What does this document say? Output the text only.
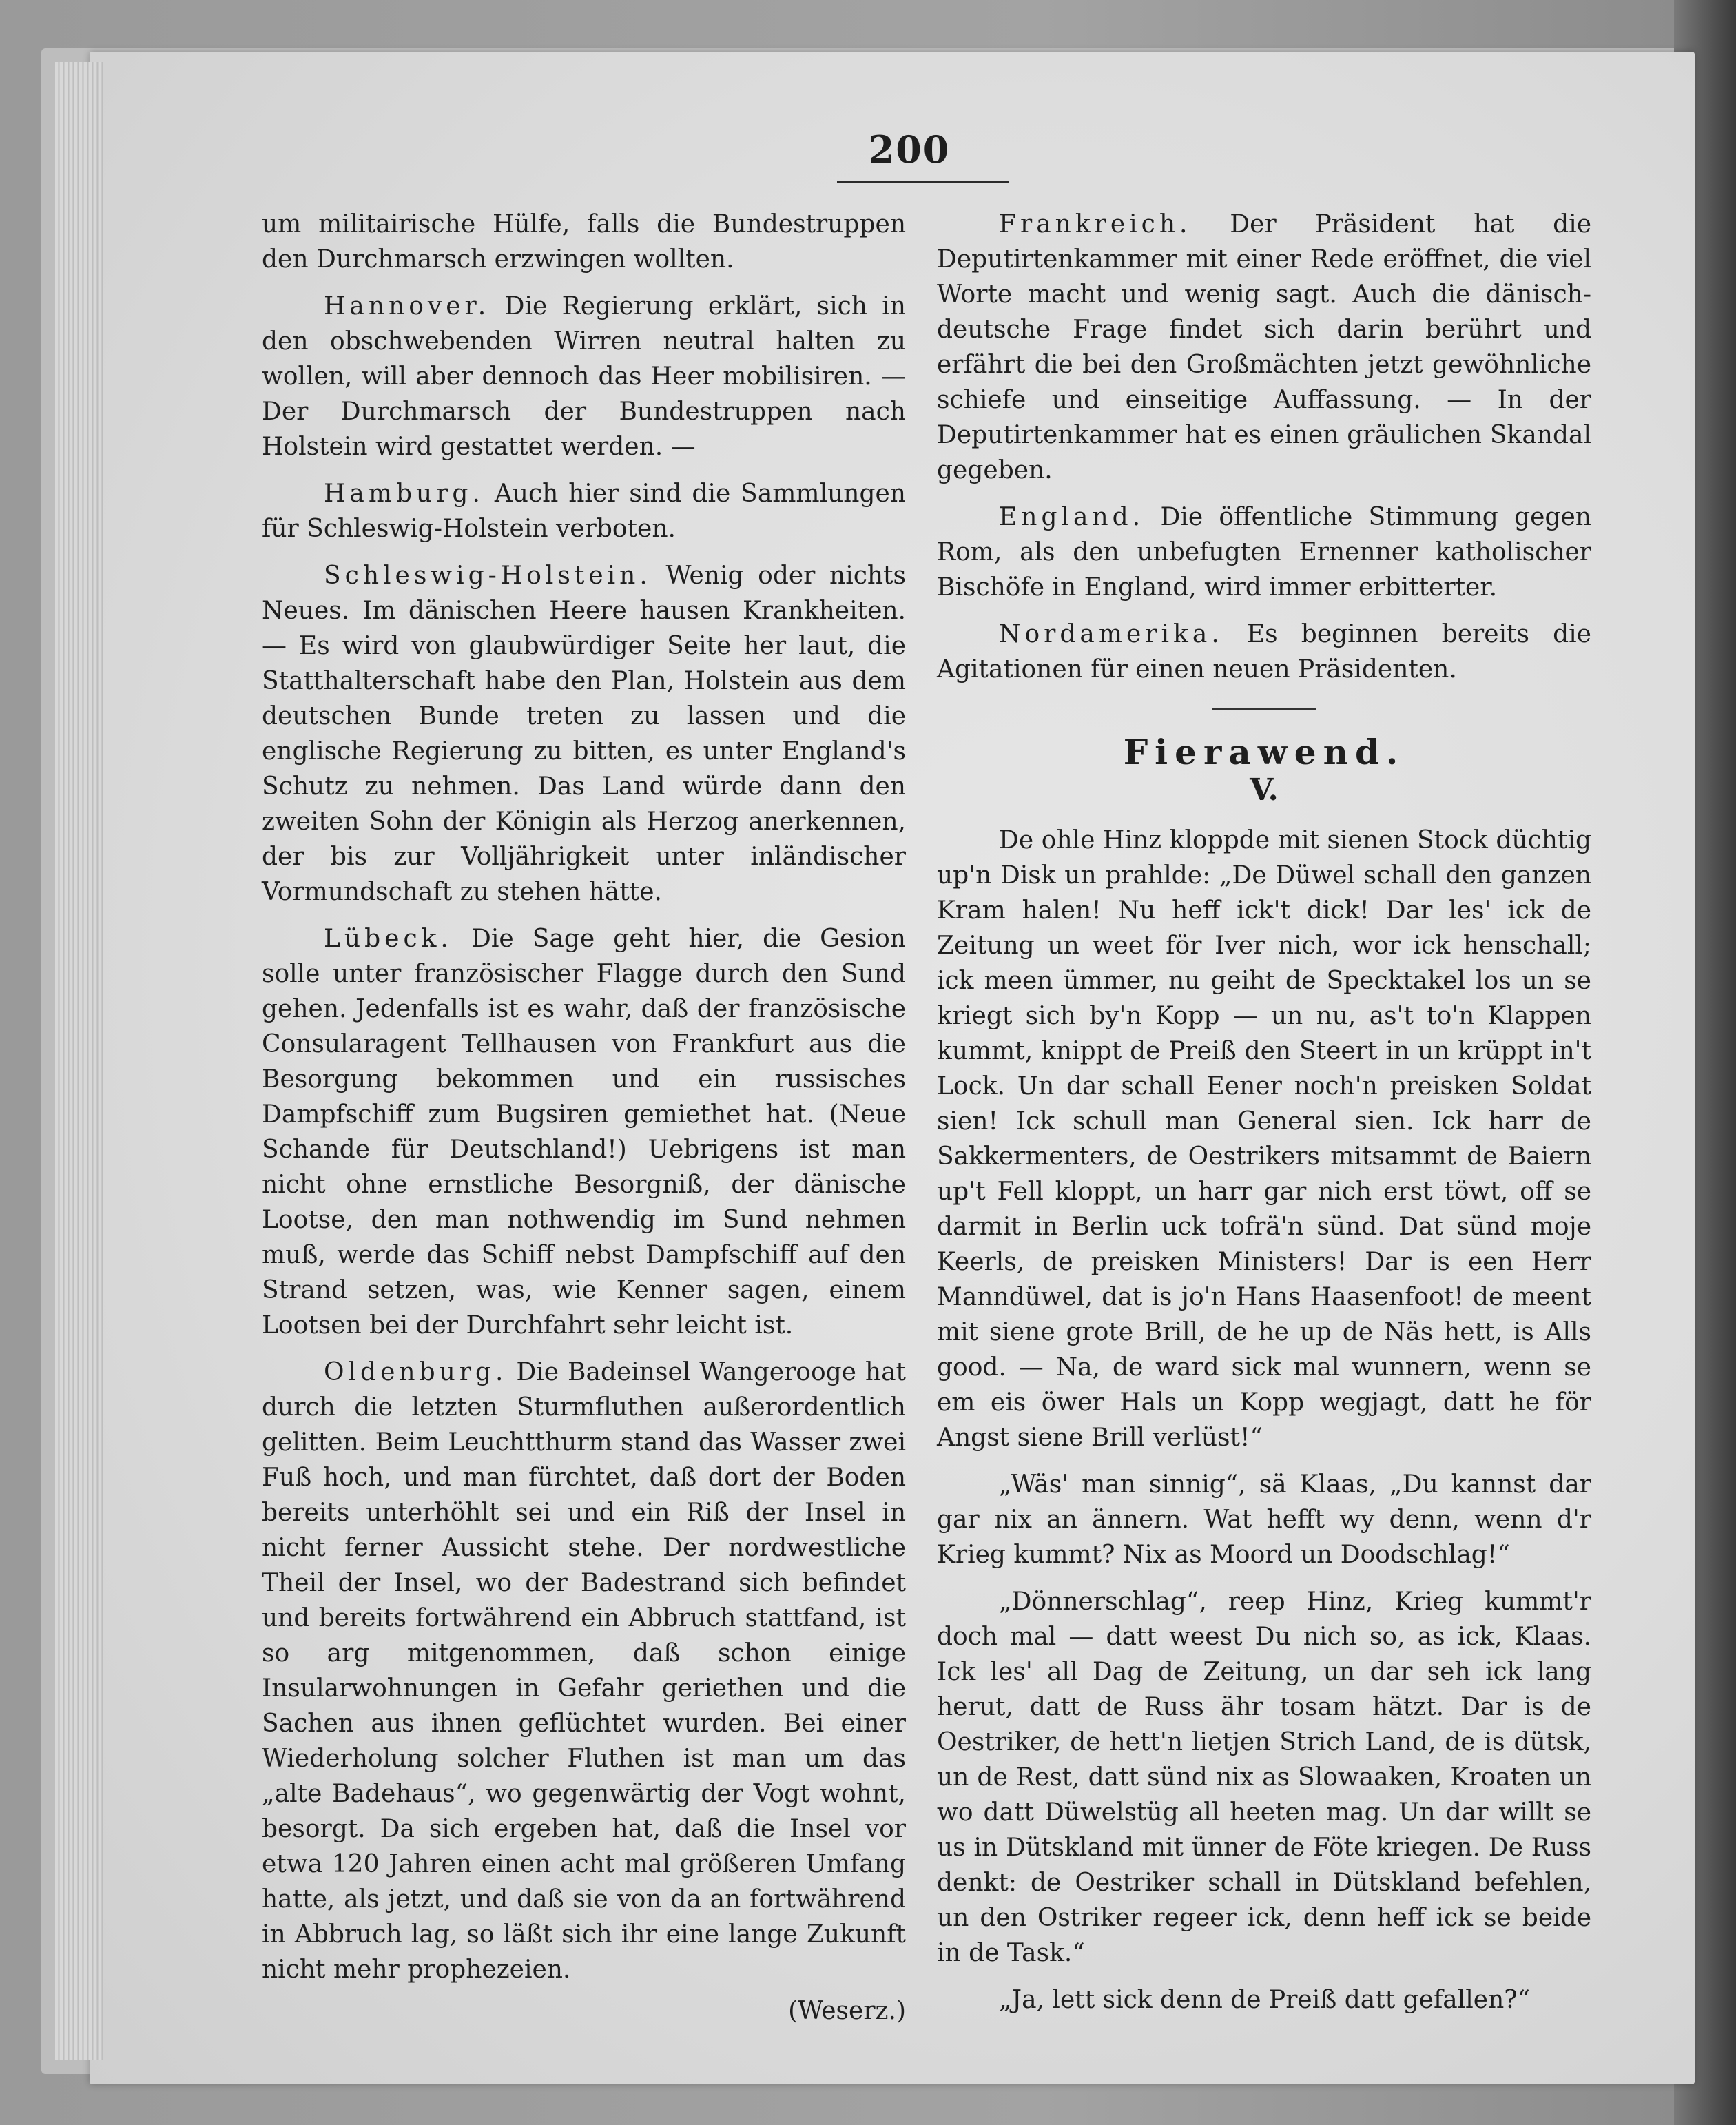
200

um militairische Hülfe, falls die Bundestruppen den Durchmarsch erzwingen wollten.

Hannover. Die Regierung erklärt, sich in den obschwebenden Wirren neutral halten zu wollen, will aber dennoch das Heer mobilisiren. — Der Durchmarsch der Bundestruppen nach Holstein wird gestattet werden. —

Hamburg. Auch hier sind die Sammlungen für Schleswig-Holstein verboten.

Schleswig-Holstein. Wenig oder nichts Neues. Im dänischen Heere hausen Krankheiten. — Es wird von glaubwürdiger Seite her laut, die Statthalterschaft habe den Plan, Holstein aus dem deutschen Bunde treten zu lassen und die englische Regierung zu bitten, es unter England's Schutz zu nehmen. Das Land würde dann den zweiten Sohn der Königin als Herzog anerkennen, der bis zur Volljährigkeit unter inländischer Vormundschaft zu stehen hätte.

Lübeck. Die Sage geht hier, die Gesion solle unter französischer Flagge durch den Sund gehen. Jedenfalls ist es wahr, daß der französische Consularagent Tellhausen von Frankfurt aus die Besorgung bekommen und ein russisches Dampfschiff zum Bugsiren gemiethet hat. (Neue Schande für Deutschland!) Uebrigens ist man nicht ohne ernstliche Besorgniß, der dänische Lootse, den man nothwendig im Sund nehmen muß, werde das Schiff nebst Dampfschiff auf den Strand setzen, was, wie Kenner sagen, einem Lootsen bei der Durchfahrt sehr leicht ist.

Oldenburg. Die Badeinsel Wangerooge hat durch die letzten Sturmfluthen außerordentlich gelitten. Beim Leuchtthurm stand das Wasser zwei Fuß hoch, und man fürchtet, daß dort der Boden bereits unterhöhlt sei und ein Riß der Insel in nicht ferner Aussicht stehe. Der nordwestliche Theil der Insel, wo der Badestrand sich befindet und bereits fortwährend ein Abbruch stattfand, ist so arg mitgenommen, daß schon einige Insularwohnungen in Gefahr geriethen und die Sachen aus ihnen geflüchtet wurden. Bei einer Wiederholung solcher Fluthen ist man um das „alte Badehaus“, wo gegenwärtig der Vogt wohnt, besorgt. Da sich ergeben hat, daß die Insel vor etwa 120 Jahren einen acht mal größeren Umfang hatte, als jetzt, und daß sie von da an fortwährend in Abbruch lag, so läßt sich ihr eine lange Zukunft nicht mehr prophezeien.

(Weserz.)

Frankreich. Der Präsident hat die Deputirtenkammer mit einer Rede eröffnet, die viel Worte macht und wenig sagt. Auch die dänisch-deutsche Frage findet sich darin berührt und erfährt die bei den Großmächten jetzt gewöhnliche schiefe und einseitige Auffassung. — In der Deputirtenkammer hat es einen gräulichen Skandal gegeben.

England. Die öffentliche Stimmung gegen Rom, als den unbefugten Ernenner katholischer Bischöfe in England, wird immer erbitterter.

Nordamerika. Es beginnen bereits die Agitationen für einen neuen Präsidenten.

Fierawend.
V.

De ohle Hinz kloppde mit sienen Stock düchtig up'n Disk un prahlde: „De Düwel schall den ganzen Kram halen! Nu heff ick't dick! Dar les' ick de Zeitung un weet för Iver nich, wor ick henschall; ick meen ümmer, nu geiht de Specktakel los un se kriegt sich by'n Kopp — un nu, as't to'n Klappen kummt, knippt de Preiß den Steert in un krüppt in't Lock. Un dar schall Eener noch'n preisken Soldat sien! Ick schull man General sien. Ick harr de Sakkermenters, de Oestrikers mitsammt de Baiern up't Fell kloppt, un harr gar nich erst töwt, off se darmit in Berlin uck tofrä'n sünd. Dat sünd moje Keerls, de preisken Ministers! Dar is een Herr Manndüwel, dat is jo'n Hans Haasenfoot! de meent mit siene grote Brill, de he up de Näs hett, is Alls good. — Na, de ward sick mal wunnern, wenn se em eis öwer Hals un Kopp wegjagt, datt he för Angst siene Brill verlüst!“

„Wäs' man sinnig“, sä Klaas, „Du kannst dar gar nix an ännern. Wat hefft wy denn, wenn d'r Krieg kummt? Nix as Moord un Doodschlag!“

„Dönnerschlag“, reep Hinz, Krieg kummt'r doch mal — datt weest Du nich so, as ick, Klaas. Ick les' all Dag de Zeitung, un dar seh ick lang herut, datt de Russ ähr tosam hätzt. Dar is de Oestriker, de hett'n lietjen Strich Land, de is dütsk, un de Rest, datt sünd nix as Slowaaken, Kroaten un wo datt Düwelstüg all heeten mag. Un dar willt se us in Dütskland mit ünner de Föte kriegen. De Russ denkt: de Oestriker schall in Dütskland befehlen, un den Ostriker regeer ick, denn heff ick se beide in de Task.“

„Ja, lett sick denn de Preiß datt gefallen?“
